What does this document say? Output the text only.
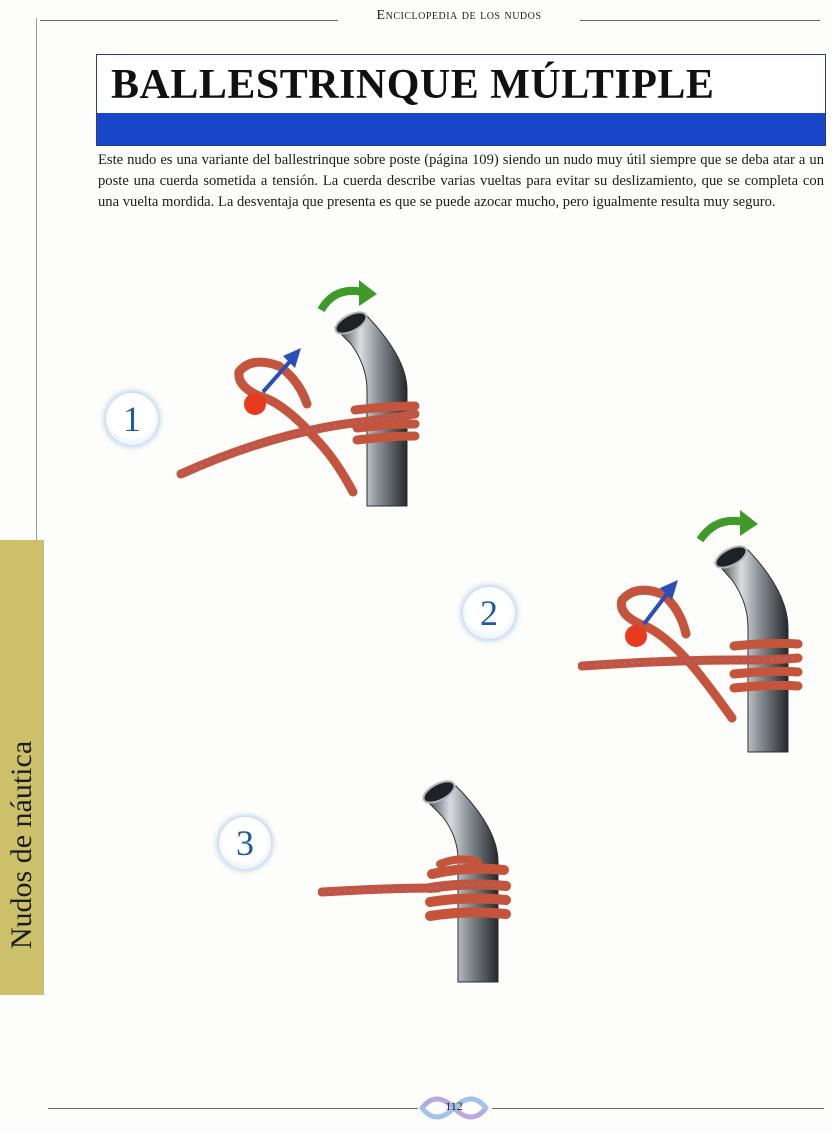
Enciclopedia de los nudos
BALLESTRINQUE MÚLTIPLE
Este nudo es una variante del ballestrinque sobre poste (página 109) siendo un nudo muy útil siempre que se deba atar a un poste una cuerda sometida a tensión. La cuerda describe varias vueltas para evitar su deslizamiento, que se completa con una vuelta mordida. La desventaja que presenta es que se puede azocar mucho, pero igualmente resulta muy seguro.
1
2
3
Nudos de náutica
112
